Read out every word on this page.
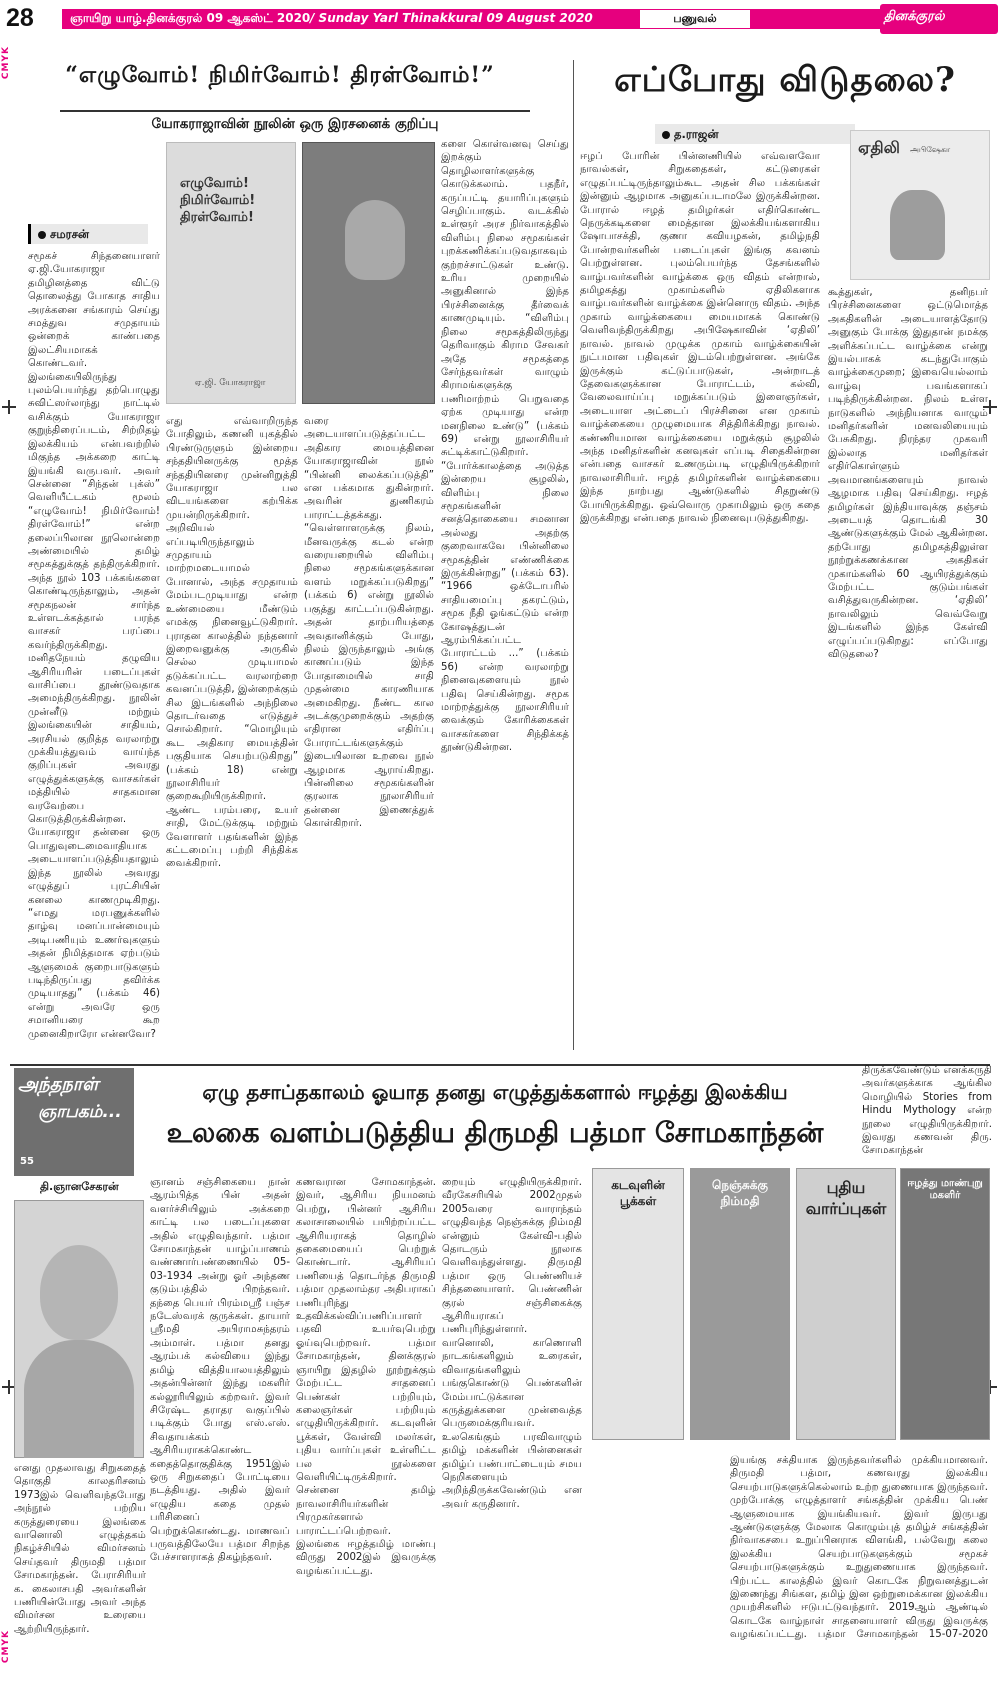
28	ஞாயிறு யாழ்.தினக்குரல் 09 ஆகஸ்ட் 2020 / Sunday Yarl Thinakkural 09 August 2020	பணுவல்	தினக்குரல்
CMYK
CMYK
“எழுவோம்! நிமிர்வோம்! திரள்வோம்!”
யோகராஜாவின் நூலின் ஒரு இரசனைக் குறிப்பு
சமரசன்
எழுவோம்! நிமிர்வோம்! திரள்வோம்!
ஏ.ஜி. யோகராஜா
சமூகச் சிந்தனையாளர் ஏ.ஜி.யோகராஜா தமிழினத்தை விட்டு தொலைத்து போகாத சாதிய அரக்கனை சங்காரம் செய்து சமத்துவ சமுதாயம் ஒன்றைக் காண்பதை இலட்சியமாகக் கொண்டவர். இலங்கையிலிருந்து புலம்பெயர்ந்து தற்பொழுது சுவிட்ஸர்லாந்து நாட்டில் வசிக்கும் யோகராஜா குறுந்திரைப்படம், சிற்றிதழ் இலக்கியம் என்பவற்றில் மிகுந்த அக்கறை காட்டி இயங்கி வருபவர். அவர் சென்னை “சிந்தன் புக்ஸ்” வெளியீட்டகம் மூலம் “எழுவோம்! நிமிர்வோம்! திரள்வோம்!” என்ற தலைப்பிலான நூலொன்றை அண்மையில் தமிழ் சமூகத்துக்குத் தந்திருக்கிறார். அந்த நூல் 103 பக்கங்களை கொண்டிருந்தாலும், அதன் சமூகநலன் சார்ந்த உள்ளடக்கத்தால் பரந்த வாசகர் பரப்பை கவர்ந்திருக்கிறது. மனிதநேயம் தழுவிய ஆசிரியரின் படைப்புகள் வாசிப்பை தூண்டுவதாக அமைந்திருக்கிறது. நூலின் முன்னீடு மற்றும் இலங்கையின் சாதியம், அரசியல் குறித்த வரலாற்று முக்கியத்துவம் வாய்ந்த குறிப்புகள் அவரது எழுத்துக்களுக்கு வாசகர்கள் மத்தியில் சாதகமான வரவேற்பை கொடுத்திருக்கின்றன. யோகராஜா தன்னை ஒரு பொதுவுடைமைவாதியாக அடையாளப்படுத்தியதாலும் இந்த நூலில் அவரது எழுத்துப் புரட்சியின் கனலை காணமுடிகிறது. “எமது மரபணுக்களில் தாழ்வு மனப்பான்மையும் அடிபணியும் உணர்வுகளும் அதன் நிமித்தமாக ஏற்படும் ஆளுமைக் குறைபாடுகளும் படிந்திருப்பது தவிர்க்க முடியாதது” (பக்கம் 46) என்று அவரே ஒரு சமானியரை கூற முனைகிறாரோ என்னவோ?
எது எவ்வாறிருந்த போதிலும், கணனி யுகத்தில் பிரண்டுருளும் இன்றைய சந்ததியினருக்கு மூத்த சந்ததியினரை முன்னிறுத்தி யோகராஜா பல விடயங்களை கற்பிக்க முயன்றிருக்கிறார். அறிவியல் எப்படியிருந்தாலும் சமுதாயம் மாற்றமடையாமல் போனால், அந்த சமுதாயம் மேம்படமுடியாது என்ற உண்மையை மீண்டும் எமக்கு நினைவூட்டுகிறார். புராதன காலத்தில் நந்தனார் இறைவனுக்கு அருகில் செல்ல முடியாமல் தடுக்கப்பட்ட வரலாற்றை கவனப்படுத்தி, இன்றைக்கும் சில இடங்களில் அந்நிலை தொடர்வதை எடுத்துச் சொல்கிறார். “மொழியும் கூட அதிகார மையத்தின் பகுதியாக செயற்படுகிறது” (பக்கம் 18) என்று நூலாசிரியர் குறைகூறியிருக்கிறார். ஆண்ட பரம்பரை, உயர் சாதி, மேட்டுக்குடி மற்றும் வேளாளர் பதங்களின் இந்த கட்டமைப்பு பற்றி சிந்திக்க வைக்கிறார்.
வரை அடையாளப்படுத்தப்பட்ட அதிகார மையத்தினை யோகராஜாவின் நூல் “பின்னி லைக்கப்படுத்தி” என பக்கமாக துகின்றார். அவரின் துணிகரம் பாராட்டத்தக்கது. “வெள்ளாளருக்கு நிலம், மீனவருக்கு கடல் என்ற வரையறையில் விளிம்பு நிலை சமூகங்களுக்கான வளம் மறுக்கப்படுகிறது” (பக்கம் 6) என்று நூலில் பகுத்து காட்டப்படுகின்றது. அதன் தாற்பரியத்தை அவதானிக்கும் போது, நிலம் இருந்தாலும் அங்கு காணப்படும் இந்த போதாமையில் சாதி முதன்மை காரணியாக அமைகிறது. நீண்ட கால அடக்குமுறைக்கும் அதற்கு எதிரான எதிர்ப்பு போராட்டங்களுக்கும் இடையிலான உறவை நூல் ஆழமாக ஆராய்கிறது. பின்னிலை சமூகங்களின் குரலாக நூலாசிரியர் தன்னை இணைத்துக் கொள்கிறார்.
களை கொள்வனவு செய்து இறக்கும் தொழிலாளர்களுக்கு கொடுக்கலாம். பதநீர், கருப்பட்டி தயாரிப்புகளும் செழிப்பாகும். வடக்கில் உள்ளூர் அரச நிர்வாகத்தில் விளிம்பு நிலை சமூகங்கள் புறக்கணிக்கப்படுவதாகவும் குற்றச்சாட்டுகள் உண்டு. உரிய முறையில் அனுகினால் இந்த பிரச்சினைக்கு தீர்வைக் காணமுடியும். “விளிம்பு நிலை சமூகத்திலிருந்து தெரிவாகும் கிராம சேவகர் அதே சமூகத்தை சேர்ந்தவர்கள் வாழும் கிராமங்களுக்கு பணிமாற்றம் பெறுவதை ஏற்க முடியாது என்ற மனநிலை உண்டு” (பக்கம் 69) என்று நூலாசிரியர் சுட்டிக்காட்டுகிறார். “போர்க்காலத்தை அடுத்த இன்றைய சூழலில், விளிம்பு நிலை சமூகங்களின் சனத்தொகையை சமனான அல்லது அதற்கு குறைவாகவே பின்னிலை சமூகத்தின் எண்ணிக்கை இருக்கின்றது” (பக்கம் 63). “1966 ஒக்டோபரில் சாதியமைப்பு தகரட்டும், சமூக நீதி ஓங்கட்டும் என்ற கோஷத்துடன் ஆரம்பிக்கப்பட்ட போராட்டம் ...” (பக்கம் 56) என்ற வரலாற்று நினைவுகளையும் நூல் பதிவு செய்கின்றது. சமூக மாற்றத்துக்கு நூலாசிரியர் வைக்கும் கோரிக்கைகள் வாசகர்களை சிந்திக்கத் தூண்டுகின்றன.
எப்போது விடுதலை?
த.ராஜன்
ஏதிலி அபிஷேகா
ஈழப் போரின் பின்னணியில் எவ்வளவோ நாவல்கள், சிறுகதைகள், கட்டுரைகள் எழுதப்பட்டிருந்தாலும்கூட அதன் சில பக்கங்கள் இன்னும் ஆழமாக அனுகப்படாமலே இருக்கின்றன. போரால் ஈழத் தமிழர்கள் எதிர்கொண்ட நெருக்கடிகளை மைத்தான இலக்கியங்களாகிய ஷோபாசக்தி, குணா கவியழகன், தமிழ்நதி போன்றவர்களின் படைப்புகள் இங்கு கவனம் பெற்றுள்ளன. புலம்பெயர்ந்த தேசங்களில் வாழ்பவர்களின் வாழ்க்கை ஒரு விதம் என்றால், தமிழகத்து முகாம்களில் ஏதிலிகளாக வாழ்பவர்களின் வாழ்க்கை இன்னொரு விதம். அந்த முகாம் வாழ்க்கையை மையமாகக் கொண்டு வெளிவந்திருக்கிறது அபிஷேகாவின் ‘ஏதிலி’ நாவல். நாவல் முழுக்க முகாம் வாழ்க்கையின் நுட்பமான பதிவுகள் இடம்பெற்றுள்ளன. அங்கே இருக்கும் கட்டுப்பாடுகள், அன்றாடத் தேவைகளுக்கான போராட்டம், கல்வி, வேலைவாய்ப்பு மறுக்கப்படும் இளைஞர்கள், அடையாள அட்டைப் பிரச்சினை என முகாம் வாழ்க்கையை முழுமையாக சித்திரிக்கிறது நாவல். கண்ணியமான வாழ்க்கையை மறுக்கும் சூழலில் அந்த மனிதர்களின் கனவுகள் எப்படி சிதைகின்றன என்பதை வாசகர் உணரும்படி எழுதியிருக்கிறார் நாவலாசிரியர். ஈழத் தமிழர்களின் வாழ்க்கையை இந்த நாற்பது ஆண்டுகளில் சிதறுண்டு போயிருக்கிறது. ஒவ்வொரு முகாமிலும் ஒரு கதை இருக்கிறது என்பதை நாவல் நினைவுபடுத்துகிறது.
கூத்துகள், தனிநபர் பிரச்சினைகளை ஒட்டுமொத்த அகதிகளின் அடையாளத்தோடு அனுகும் போக்கு இதுதான் நமக்கு அளிக்கப்பட்ட வாழ்க்கை என்று இயல்பாகக் கடந்துபோகும் வாழ்க்கைமுறை; இவையெல்லாம் வாழ்வு பவங்களாகப் படிந்திருக்கின்றன. நிலம் உள்ள நாடுகளில் அந்நியனாக வாழும் மனிதர்களின் மனவலியையும் பேசுகிறது. நிரந்தர முகவரி இல்லாத மனிதர்கள் எதிர்கொள்ளும் அவமானங்களையும் நாவல் ஆழமாக பதிவு செய்கிறது. ஈழத் தமிழர்கள் இந்தியாவுக்கு தஞ்சம் அடையத் தொடங்கி 30 ஆண்டுகளுக்கும் மேல் ஆகின்றன. தற்போது தமிழகத்திலுள்ள நூற்றுக்கணக்கான அகதிகள் முகாம்களில் 60 ஆயிரத்துக்கும் மேற்பட்ட குடும்பங்கள் வசித்துவருகின்றன. ‘ஏதிலி’ நாவலிலும் வெவ்வேறு இடங்களில் இந்த கேள்வி எழுப்பப்படுகிறது: எப்போது விடுதலை?
அந்தநாள்
ஞாபகம்...
55
தி.ஞானசேகரன்
ஏழு தசாப்தகாலம் ஓயாத தனது எழுத்துக்களால் ஈழத்து இலக்கிய
உலகை வளம்படுத்திய திருமதி பத்மா சோமகாந்தன்
எனது முதலாவது சிறுகதைத் தொகுதி காலதரிசனம் 1973இல் வெளிவந்தபோது அந்நூல் பற்றிய கருத்துரையை இலங்கை வானொலி எழுத்தகம் நிகழ்ச்சியில் விமர்சனம் செய்தவர் திருமதி பத்மா சோமகாந்தன். பேராசிரியர் க. கைலாசபதி அவர்களின் பணியின்போது அவர் அந்த விமர்சன உரையை ஆற்றியிருந்தார்.
ஞானம் சஞ்சிகையை நான் ஆரம்பித்த பின் அதன் வளர்ச்சியிலும் அக்கறை காட்டி பல படைப்புகளை அதில் எழுதிவந்தார். பத்மா சோமகாந்தன் யாழ்ப்பாணம் வண்ணார்பண்ணையில் 05-03-1934 அன்று ஓர் அந்தண குடும்பத்தில் பிறந்தவர். தந்தை பெயர் பிரம்மஸ்ரீ பஞ்ச நடேஸ்வரக் குருக்கள். தாயார் ஸ்ரீமதி அபிராமசுந்தரம் அம்மாள். பத்மா தனது ஆரம்பக் கல்வியை இந்து தமிழ் வித்தியாலயத்திலும் அதன்பின்னர் இந்து மகளிர் கல்லூரியிலும் கற்றவர். இவர் சிரேஷ்ட தராதர வகுப்பில் படிக்கும் போது எஸ்.எஸ். சிவதாயக்கம் ஆசிரியராகக்கொண்ட கதைத்தொகுதிக்கு 1951இல் ஒரு சிறுகதைப் போட்டியை நடத்தியது. அதில் இவர் எழுதிய கதை முதல் பரிசினைப் பெற்றுக்கொண்டது. மாணவப் பருவத்திலேயே பத்மா சிறந்த பேச்சாளராகத் திகழ்ந்தவர்.
கணவரான சோமகாந்தன். இவர், ஆசிரிய நியமனம் பெற்று, பின்னர் ஆசிரிய கலாசாலையில் பயிற்றப்பட்ட ஆசிரியராகத் தொழில் தகைமையைப் பெற்றுக் கொண்டார். ஆசிரியப் பணியைத் தொடர்ந்த திருமதி பத்மா முதலாம்தர அதிபராகப் பணிபுரிந்து உதவிக்கல்விப்பணிப்பாளர் பதவி உயர்வுபெற்று ஓய்வுபெற்றவர். பத்மா சோமகாந்தன், தினக்குரல் ஞாயிறு இதழில் நூற்றுக்கும் மேற்பட்ட சாதனைப் பெண்கள் பற்றியும், கலைஞர்கள் பற்றியும் எழுதியிருக்கிறார். கடவுளின் பூக்கள், வேள்வி மலர்கள், புதிய வார்ப்புகள் உள்ளிட்ட பல நூல்களை வெளியிட்டிருக்கிறார். சென்னை தமிழ் நாவலாசிரியர்களின் பிரமுகர்களால் பாராட்டப்பெற்றவர். இலங்கை ஈழத்தமிழ் மாண்பு விருது 2002இல் இவருக்கு வழங்கப்பட்டது.
றையும் எழுதியிருக்கிறார். வீரகேசரியில் 2002முதல் 2005வரை வாராந்தம் எழுதிவந்த நெஞ்சுக்கு நிம்மதி என்னும் கேள்வி-பதில் தொடரும் நூலாக வெளிவந்துள்ளது. திருமதி பத்மா ஒரு பெண்ணியச் சிந்தனையாளர். பெண்ணின் குரல் சஞ்சிகைக்கு ஆசிரியராகப் பணிபுரிந்துள்ளார். வானொலி, காணொளி நாடகங்களிலும் உரைகள், விவாதங்களிலும் பங்குகொண்டு பெண்களின் மேம்பாட்டுக்கான கருத்துக்களை முன்வைத்த பெருமைக்குரியவர். உலகெங்கும் பரவிவாழும் தமிழ் மக்களின் பின்னைகள் தமிழ்ப் பண்பாட்டையும் சமய நெறிகளையும் அறிந்திருக்கவேண்டும் என அவர் கருதினார்.
திருக்கவேண்டும் எனக்கருதி அவர்களுக்காக ஆங்கில மொழியில் Stories from Hindu Mythology என்ற நூலை எழுதியிருக்கிறார். இவரது கணவன் திரு. சோமகாந்தன்
இயங்கு சக்தியாக இருந்தவர்களில் முக்கியமானவர். திருமதி பத்மா, கணவரது இலக்கிய செயற்பாடுகளுக்கெல்லாம் உற்ற துணையாக இருந்தவர். முற்போக்கு எழுத்தாளர் சங்கத்தின் முக்கிய பெண் ஆளுமையாக இயங்கியவர். இவர் இருபது ஆண்டுகளுக்கு மேலாக கொழும்புத் தமிழ்ச் சங்கத்தின் நிர்வாகசபை உறுப்பினராக விளங்கி, பல்வேறு கலை இலக்கிய செயற்பாடுகளுக்கும் சமூகச் செயற்பாடுகளுக்கும் உறுதுணையாக இருந்தவர். பிற்பட்ட காலத்தில் இவர் கொடகே நிறுவனத்துடன் இணைந்து சிங்கள, தமிழ் இன ஒற்றுமைக்கான இலக்கிய முயற்சிகளில் ஈடுபட்டுவந்தார். 2019ஆம் ஆண்டில் கொடகே வாழ்நாள் சாதனையாளர் விருது இவருக்கு வழங்கப்பட்டது. பத்மா சோமகாந்தன் 15-07-2020
கடவுளின் பூக்கள்
நெஞ்சுக்கு நிம்மதி
புதிய வார்ப்புகள்
ஈழத்து மாண்புறு மகளிர்
